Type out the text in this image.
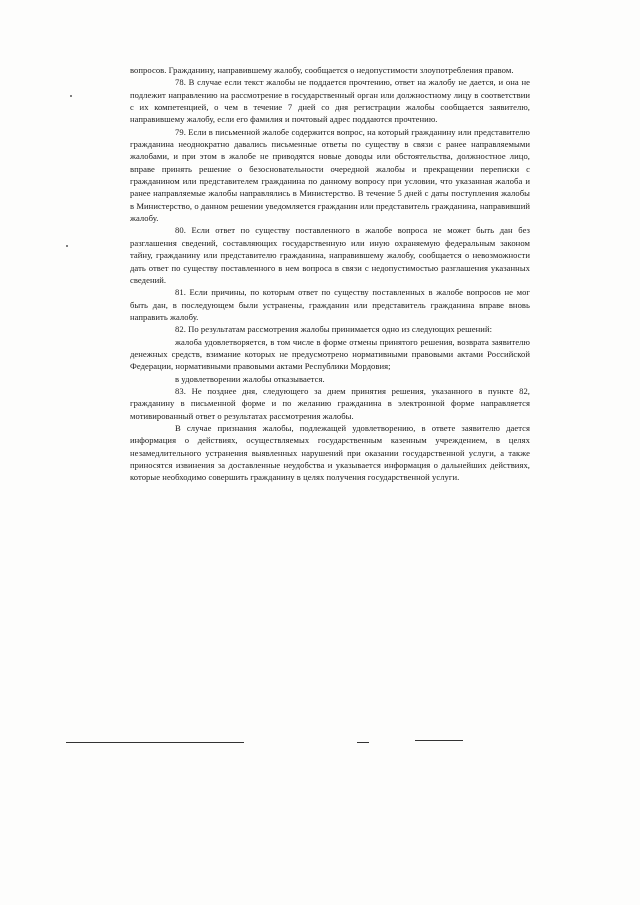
вопросов. Гражданину, направившему жалобу, сообщается о недопустимости злоупотребления правом.

78. В случае если текст жалобы не поддается прочтению, ответ на жалобу не дается, и она не подлежит направлению на рассмотрение в государственный орган или должностному лицу в соответствии с их компетенцией, о чем в течение 7 дней со дня регистрации жалобы сообщается заявителю, направившему жалобу, если его фамилия и почтовый адрес поддаются прочтению.

79. Если в письменной жалобе содержится вопрос, на который гражданину или представителю гражданина неоднократно давались письменные ответы по существу в связи с ранее направляемыми жалобами, и при этом в жалобе не приводятся новые доводы или обстоятельства, должностное лицо, вправе принять решение о безосновательности очередной жалобы и прекращении переписки с гражданином или представителем гражданина по данному вопросу при условии, что указанная жалоба и ранее направляемые жалобы направлялись в Министерство. В течение 5 дней с даты поступления жалобы в Министерство, о данном решении уведомляется гражданин или представитель гражданина, направивший жалобу.

80. Если ответ по существу поставленного в жалобе вопроса не может быть дан без разглашения сведений, составляющих государственную или иную охраняемую федеральным законом тайну, гражданину или представителю гражданина, направившему жалобу, сообщается о невозможности дать ответ по существу поставленного в нем вопроса в связи с недопустимостью разглашения указанных сведений.

81. Если причины, по которым ответ по существу поставленных в жалобе вопросов не мог быть дан, в последующем были устранены, гражданин или представитель гражданина вправе вновь направить жалобу.

82. По результатам рассмотрения жалобы принимается одно из следующих решений:

жалоба удовлетворяется, в том числе в форме отмены принятого решения, возврата заявителю денежных средств, взимание которых не предусмотрено нормативными правовыми актами Российской Федерации, нормативными правовыми актами Республики Мордовия;

в удовлетворении жалобы отказывается.

83. Не позднее дня, следующего за днем принятия решения, указанного в пункте 82, гражданину в письменной форме и по желанию гражданина в электронной форме направляется мотивированный ответ о результатах рассмотрения жалобы.

В случае признания жалобы, подлежащей удовлетворению, в ответе заявителю дается информация о действиях, осуществляемых государственным казенным учреждением, в целях незамедлительного устранения выявленных нарушений при оказании государственной услуги, а также приносятся извинения за доставленные неудобства и указывается информация о дальнейших действиях, которые необходимо совершить гражданину в целях получения государственной услуги.
